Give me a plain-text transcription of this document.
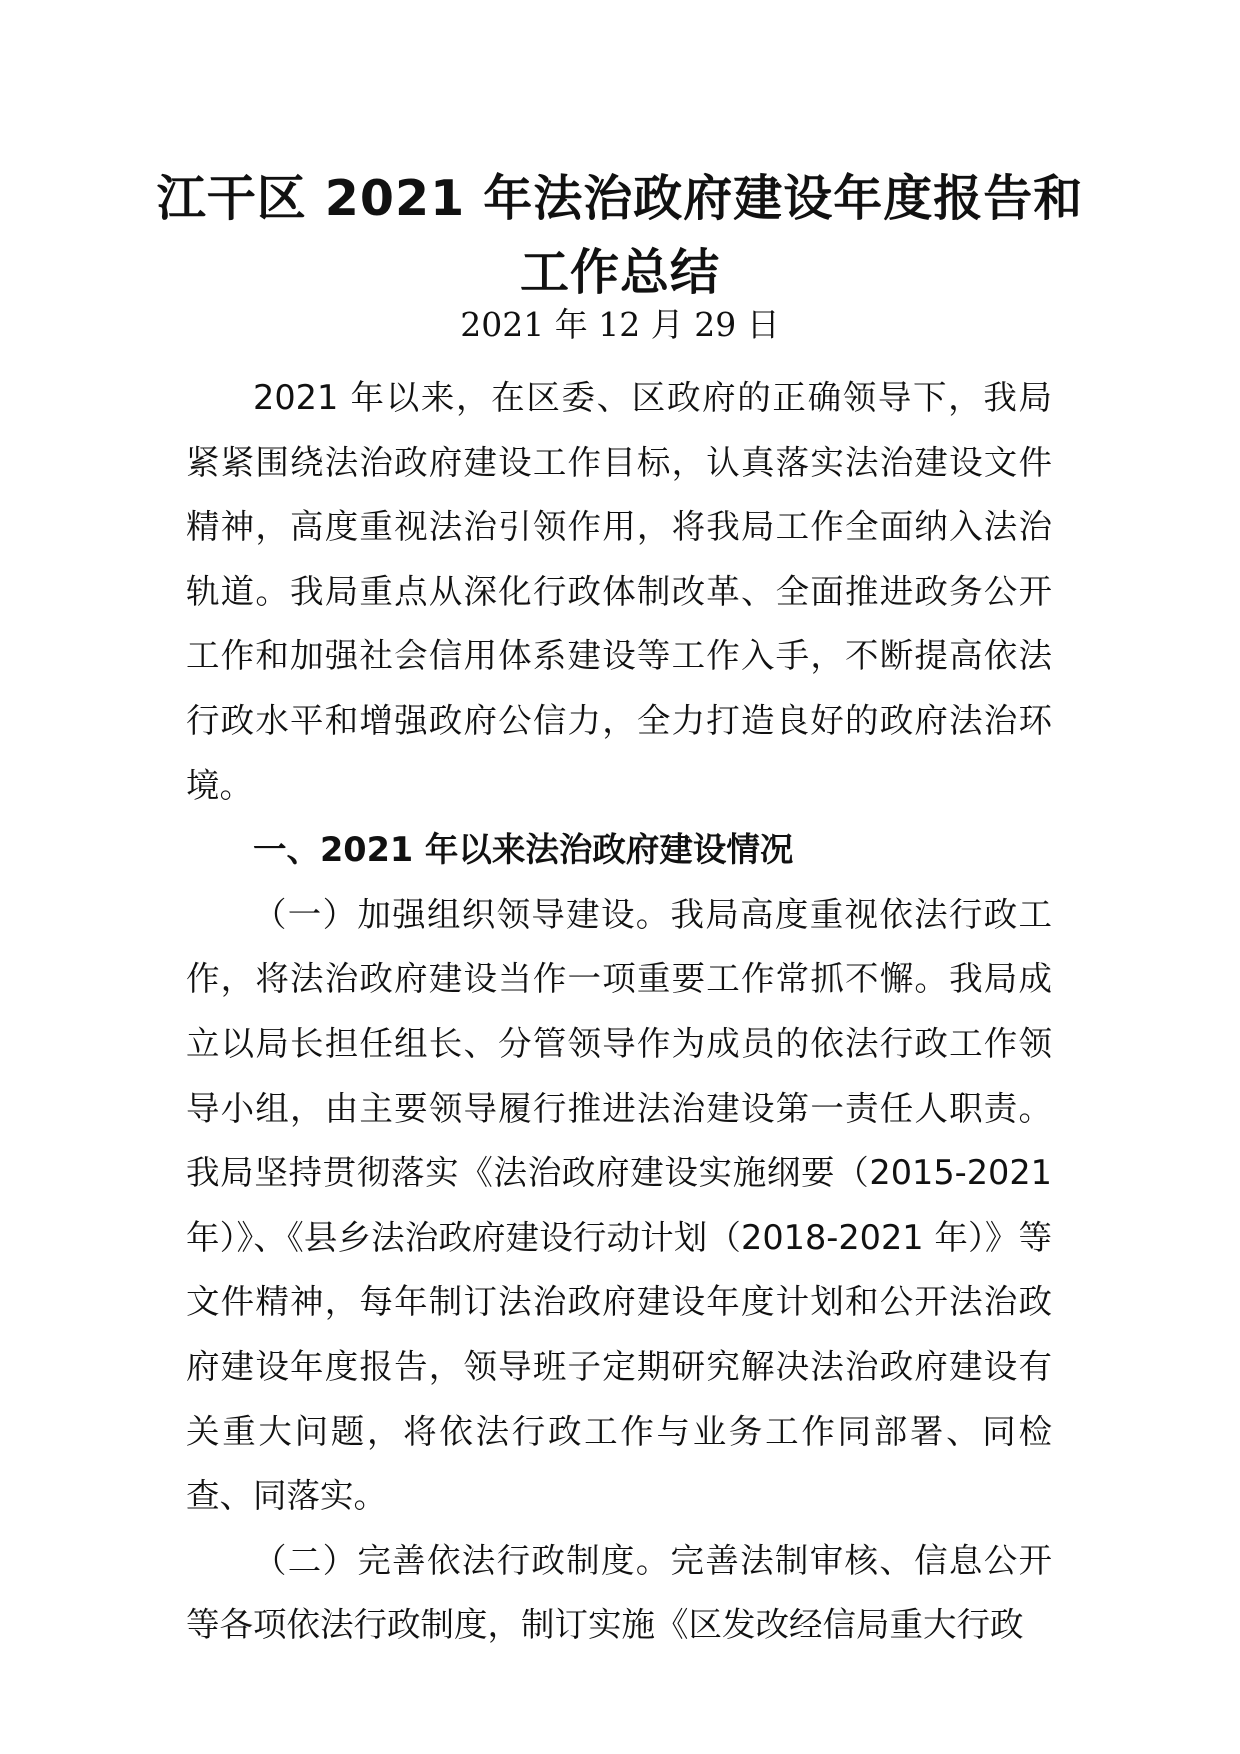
江干区 2021 年法治政府建设年度报告和工作总结

2021 年 12 月 29 日

2021 年以来，在区委、区政府的正确领导下，我局紧紧围绕法治政府建设工作目标，认真落实法治建设文件精神，高度重视法治引领作用，将我局工作全面纳入法治轨道。我局重点从深化行政体制改革、全面推进政务公开工作和加强社会信用体系建设等工作入手，不断提高依法行政水平和增强政府公信力，全力打造良好的政府法治环境。

一、2021 年以来法治政府建设情况

（一）加强组织领导建设。我局高度重视依法行政工作，将法治政府建设当作一项重要工作常抓不懈。我局成立以局长担任组长、分管领导作为成员的依法行政工作领导小组，由主要领导履行推进法治建设第一责任人职责。我局坚持贯彻落实《法治政府建设实施纲要（2015-2021 年）》、《县乡法治政府建设行动计划（2018-2021 年）》等文件精神，每年制订法治政府建设年度计划和公开法治政府建设年度报告，领导班子定期研究解决法治政府建设有关重大问题，将依法行政工作与业务工作同部署、同检查、同落实。

（二）完善依法行政制度。完善法制审核、信息公开等各项依法行政制度，制订实施《区发改经信局重大行政
